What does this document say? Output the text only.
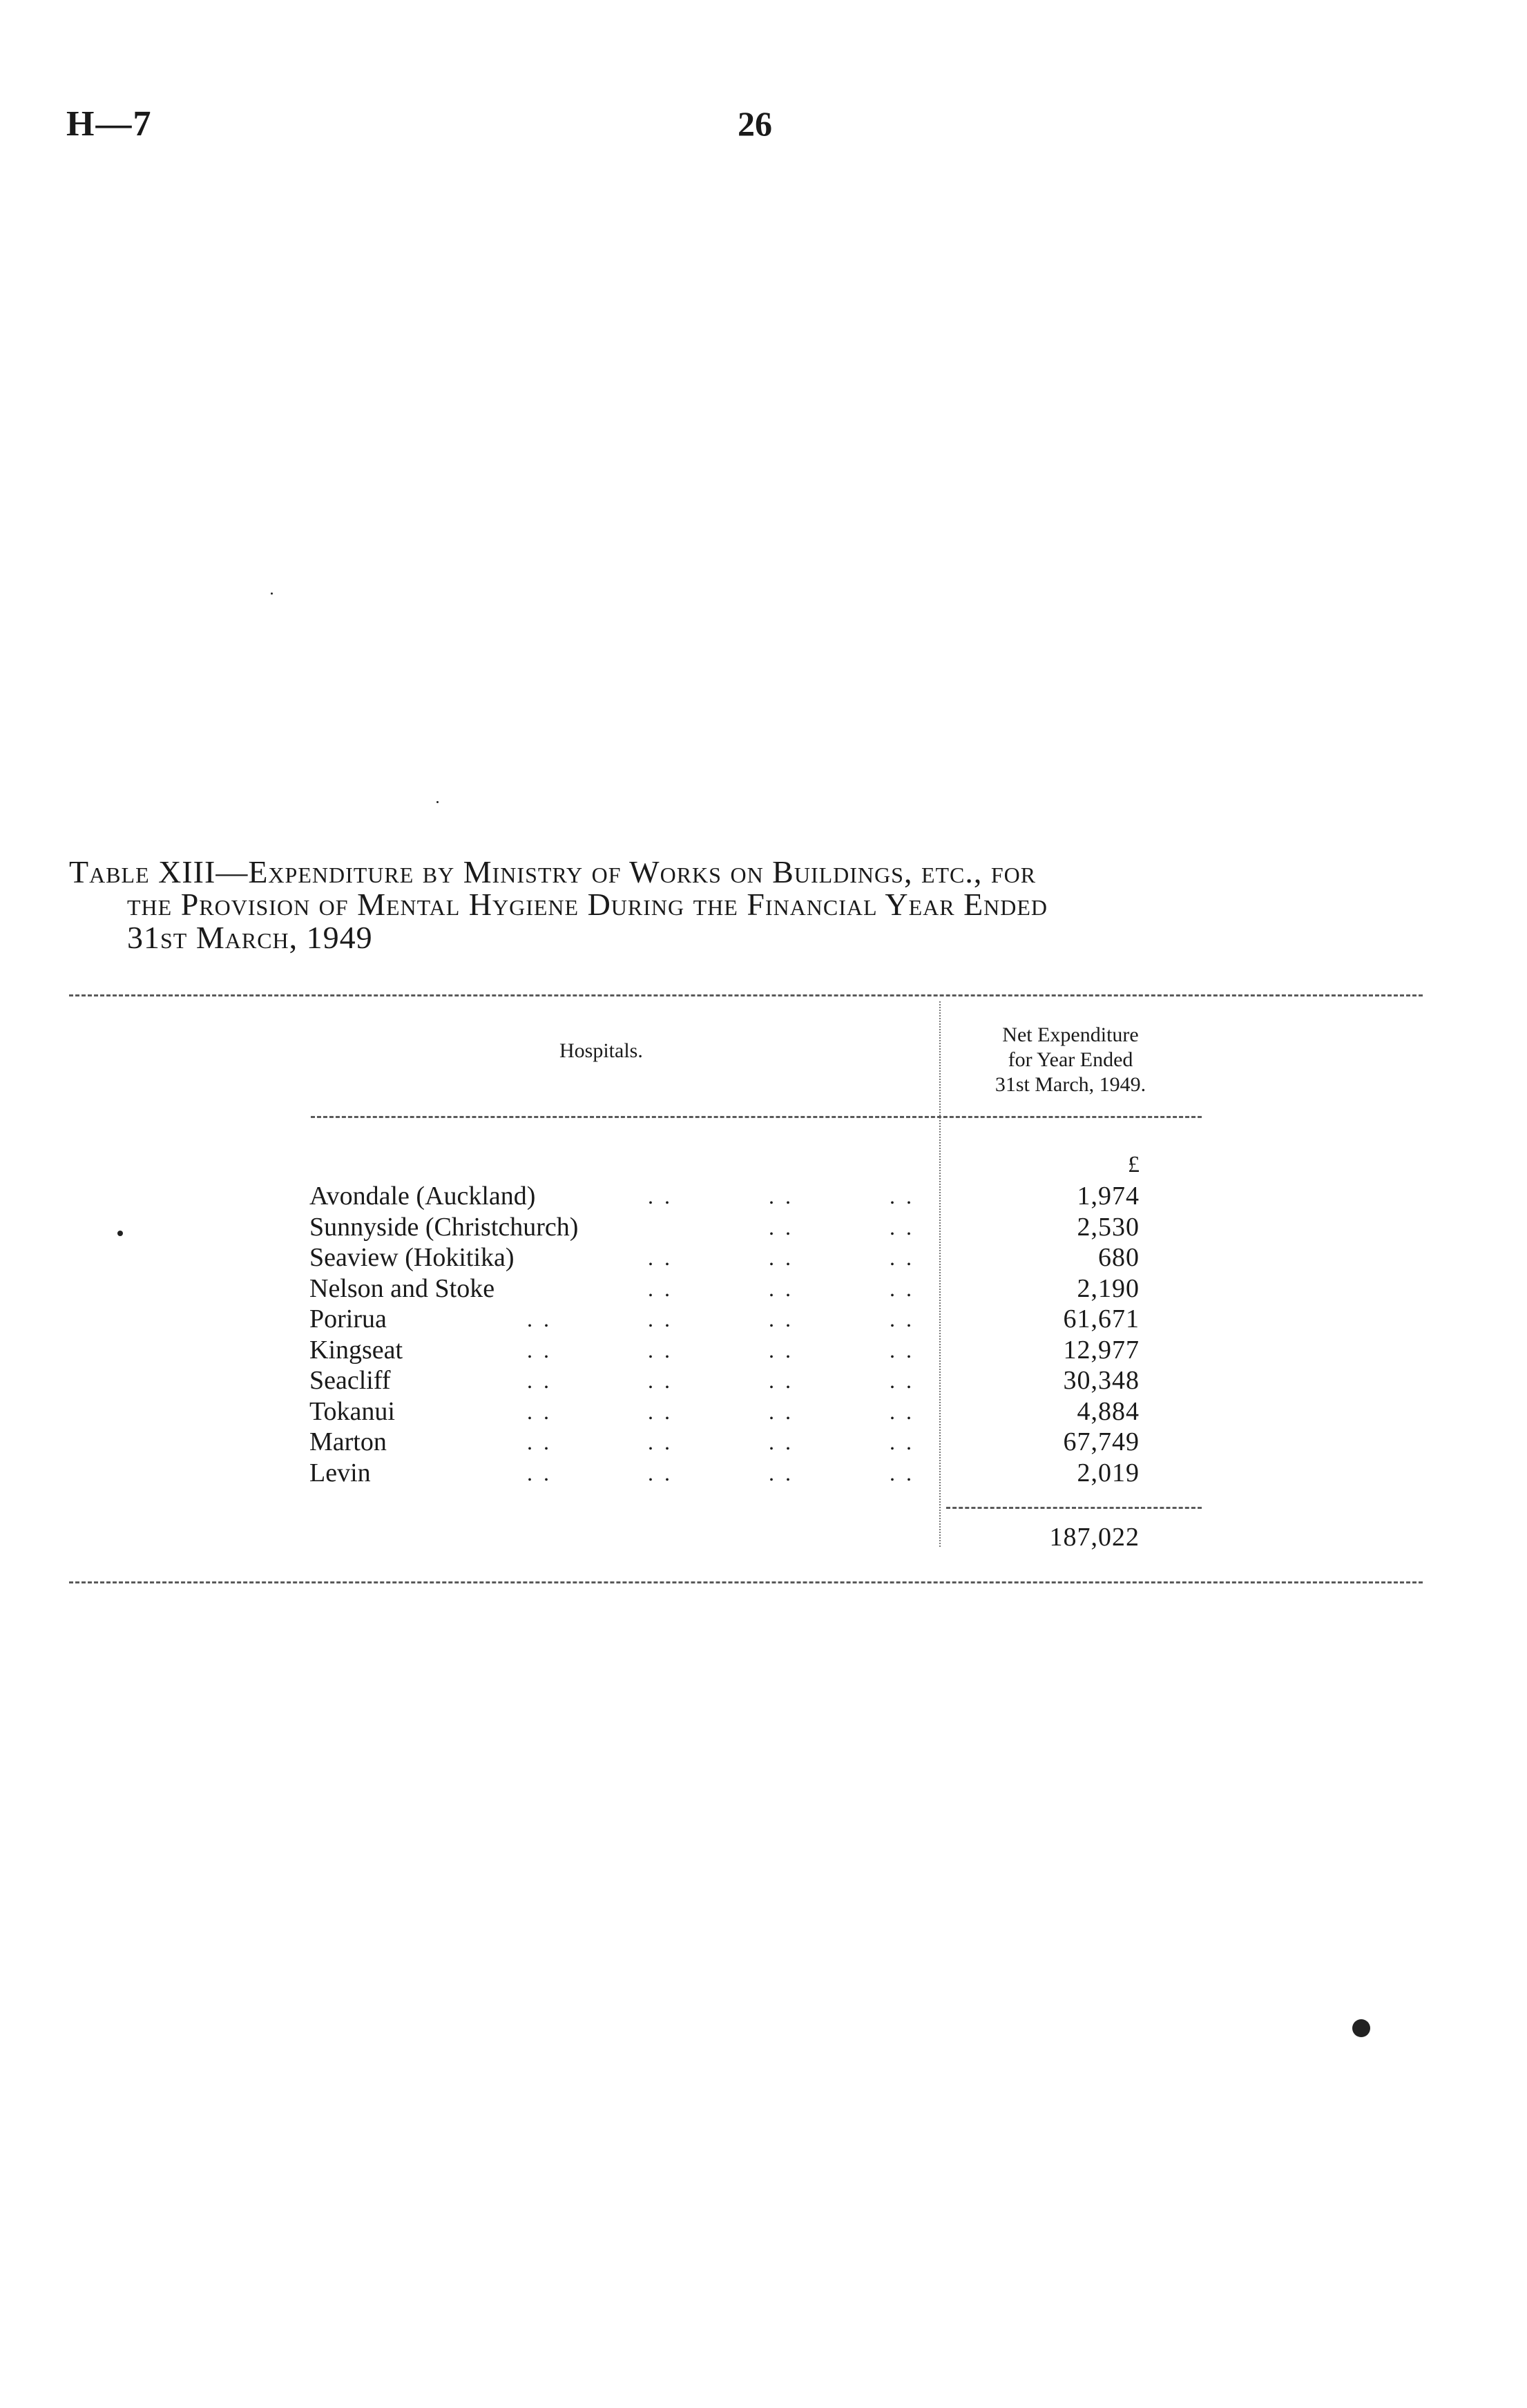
H—7	26
Table XIII—Expenditure by Ministry of Works on Buildings, etc., for
the Provision of Mental Hygiene During the Financial Year Ended
31st March, 1949
Hospitals.
Net Expenditure
for Year Ended
31st March, 1949.
£
Avondale (Auckland)	. .	. .	. .	1,974
Sunnyside (Christchurch)	. .	. .	2,530
Seaview (Hokitika)	. .	. .	. .	680
Nelson and Stoke	. .	. .	. .	2,190
Porirua	. .	. .	. .	. .	61,671
Kingseat	. .	. .	. .	. .	12,977
Seacliff	. .	. .	. .	. .	30,348
Tokanui	. .	. .	. .	. .	4,884
Marton	. .	. .	. .	. .	67,749
Levin	. .	. .	. .	. .	2,019
187,022
